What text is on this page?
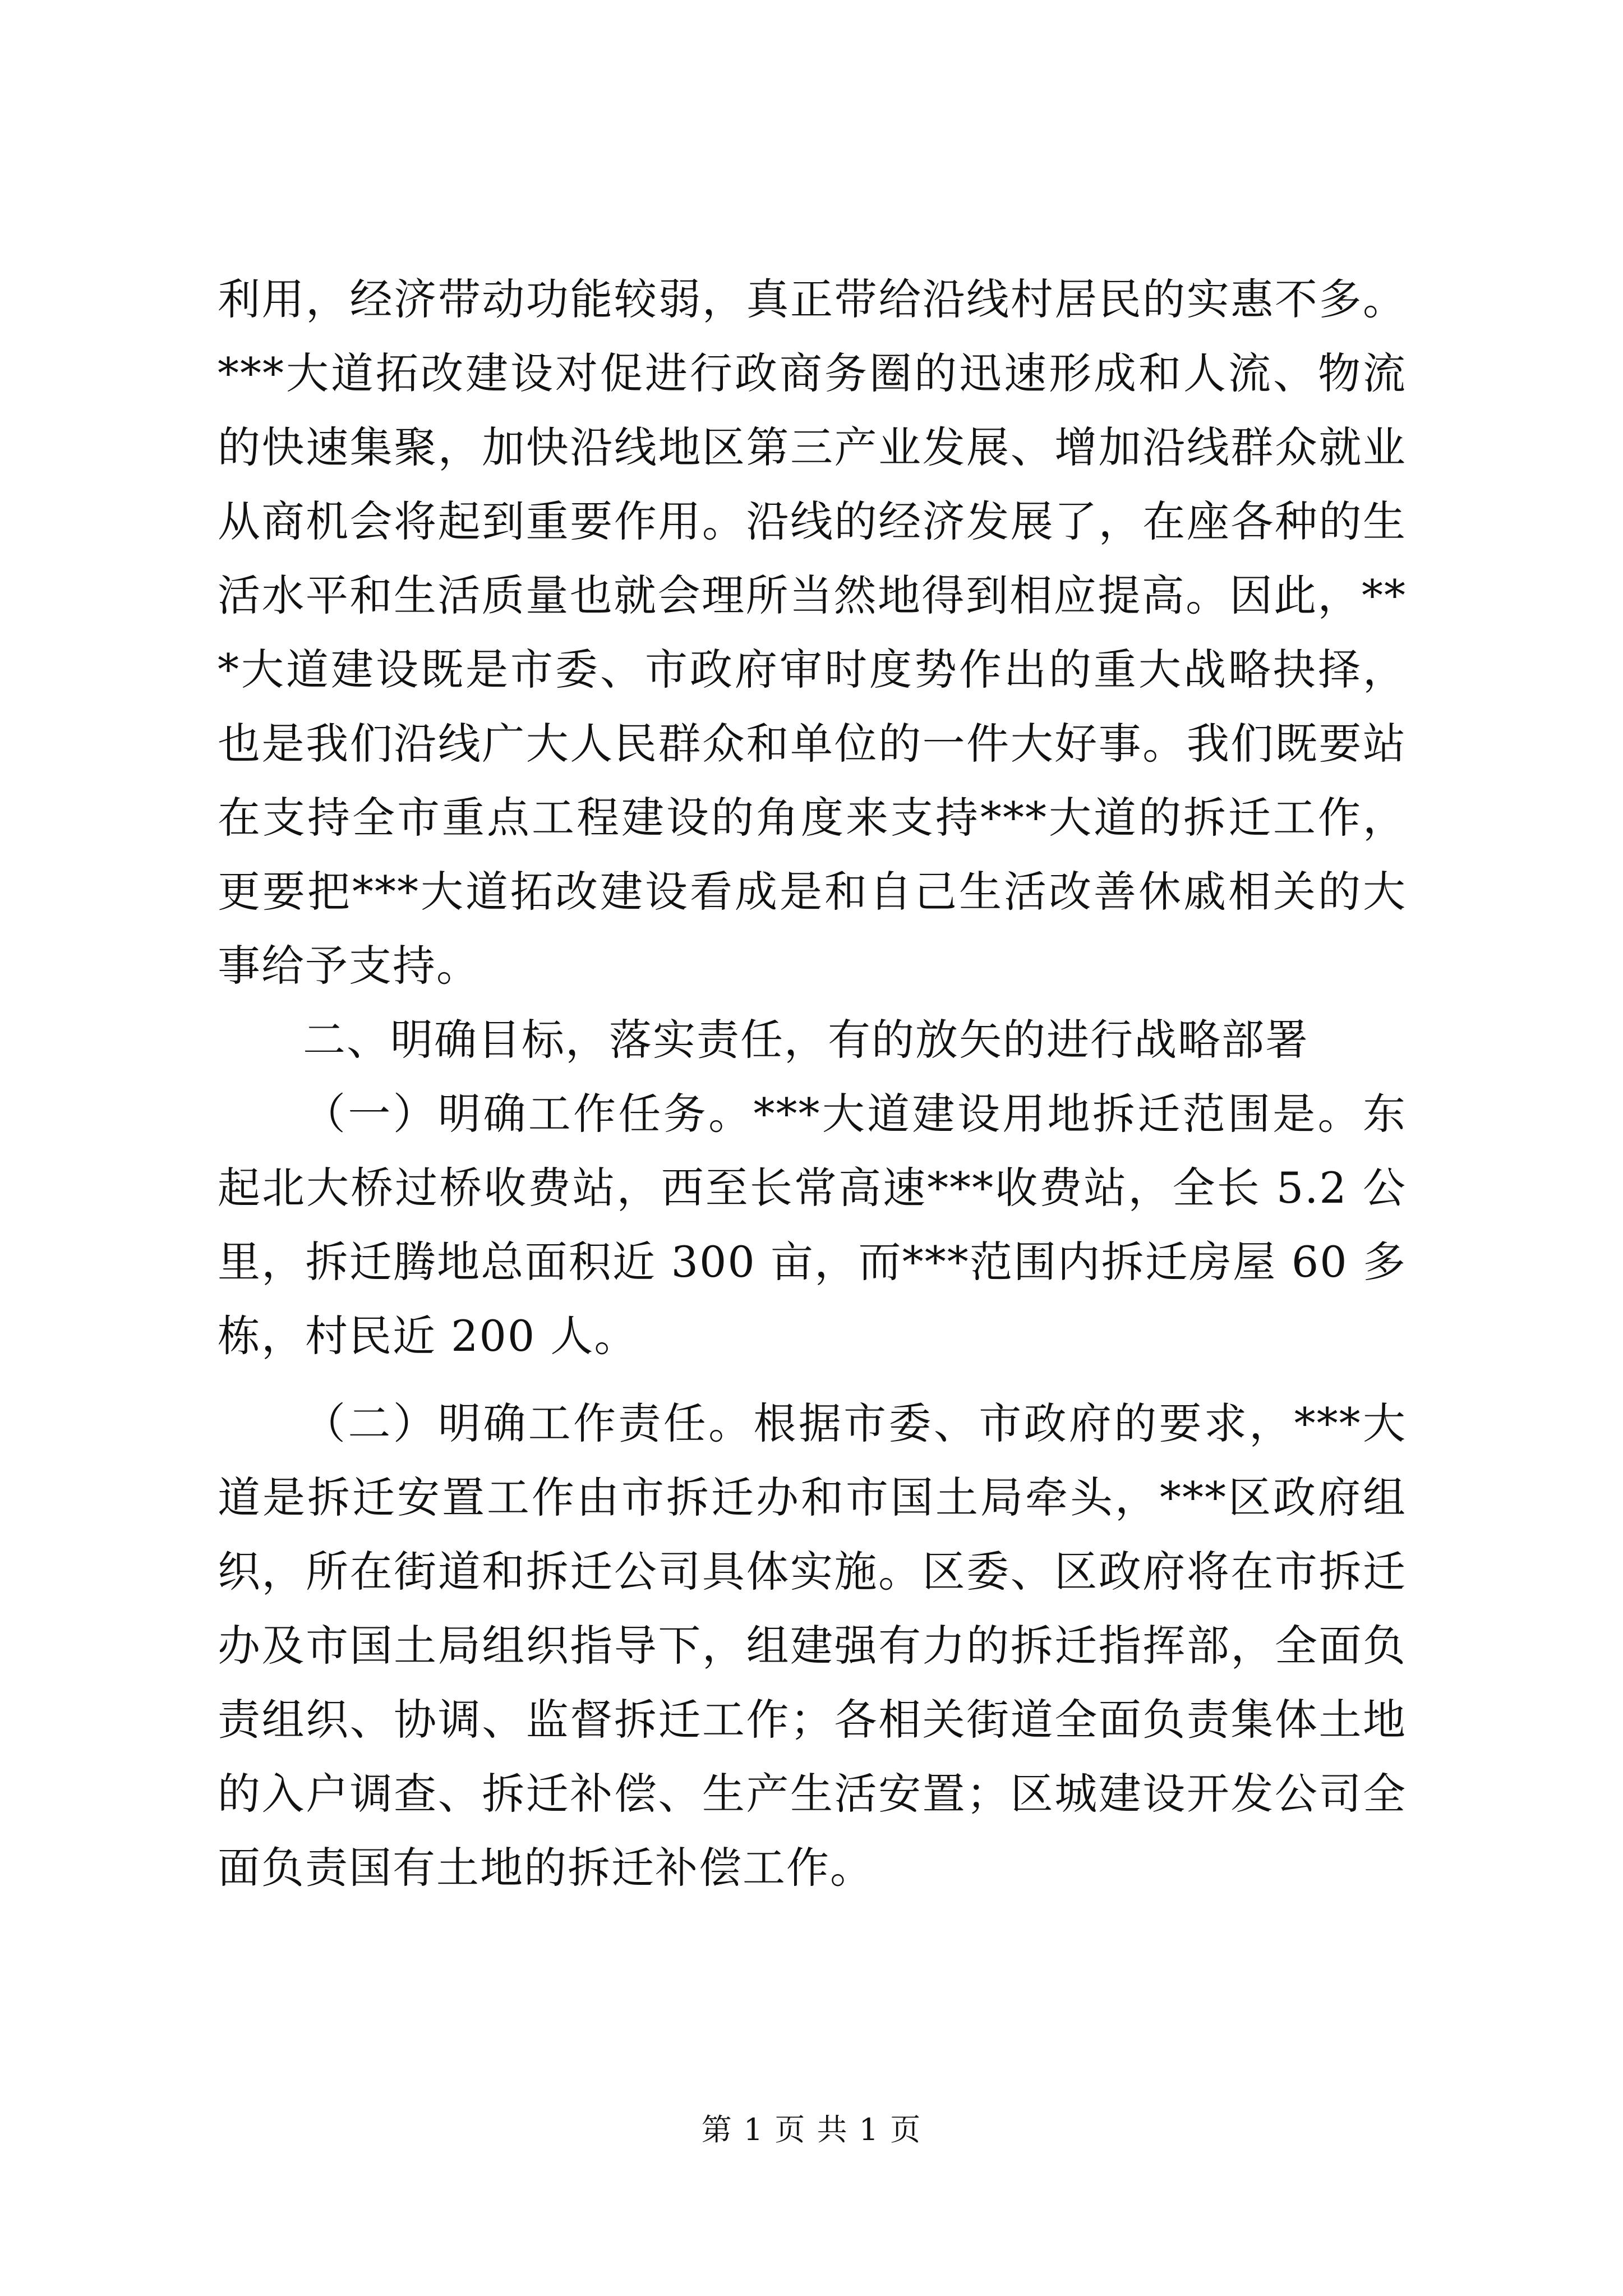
利用，经济带动功能较弱，真正带给沿线村居民的实惠不多。***大道拓改建设对促进行政商务圈的迅速形成和人流、物流的快速集聚，加快沿线地区第三产业发展、增加沿线群众就业从商机会将起到重要作用。沿线的经济发展了，在座各种的生活水平和生活质量也就会理所当然地得到相应提高。因此，***大道建设既是市委、市政府审时度势作出的重大战略抉择，也是我们沿线广大人民群众和单位的一件大好事。我们既要站在支持全市重点工程建设的角度来支持***大道的拆迁工作，更要把***大道拓改建设看成是和自己生活改善休戚相关的大事给予支持。

二、明确目标，落实责任，有的放矢的进行战略部署

（一）明确工作任务。***大道建设用地拆迁范围是。东起北大桥过桥收费站，西至长常高速***收费站，全长 5.2 公里，拆迁腾地总面积近 300 亩，而***范围内拆迁房屋 60 多栋，村民近 200 人。

（二）明确工作责任。根据市委、市政府的要求，***大道是拆迁安置工作由市拆迁办和市国土局牵头，***区政府组织，所在街道和拆迁公司具体实施。区委、区政府将在市拆迁办及市国土局组织指导下，组建强有力的拆迁指挥部，全面负责组织、协调、监督拆迁工作；各相关街道全面负责集体土地的入户调查、拆迁补偿、生产生活安置；区城建设开发公司全面负责国有土地的拆迁补偿工作。

第 1 页 共 1 页
